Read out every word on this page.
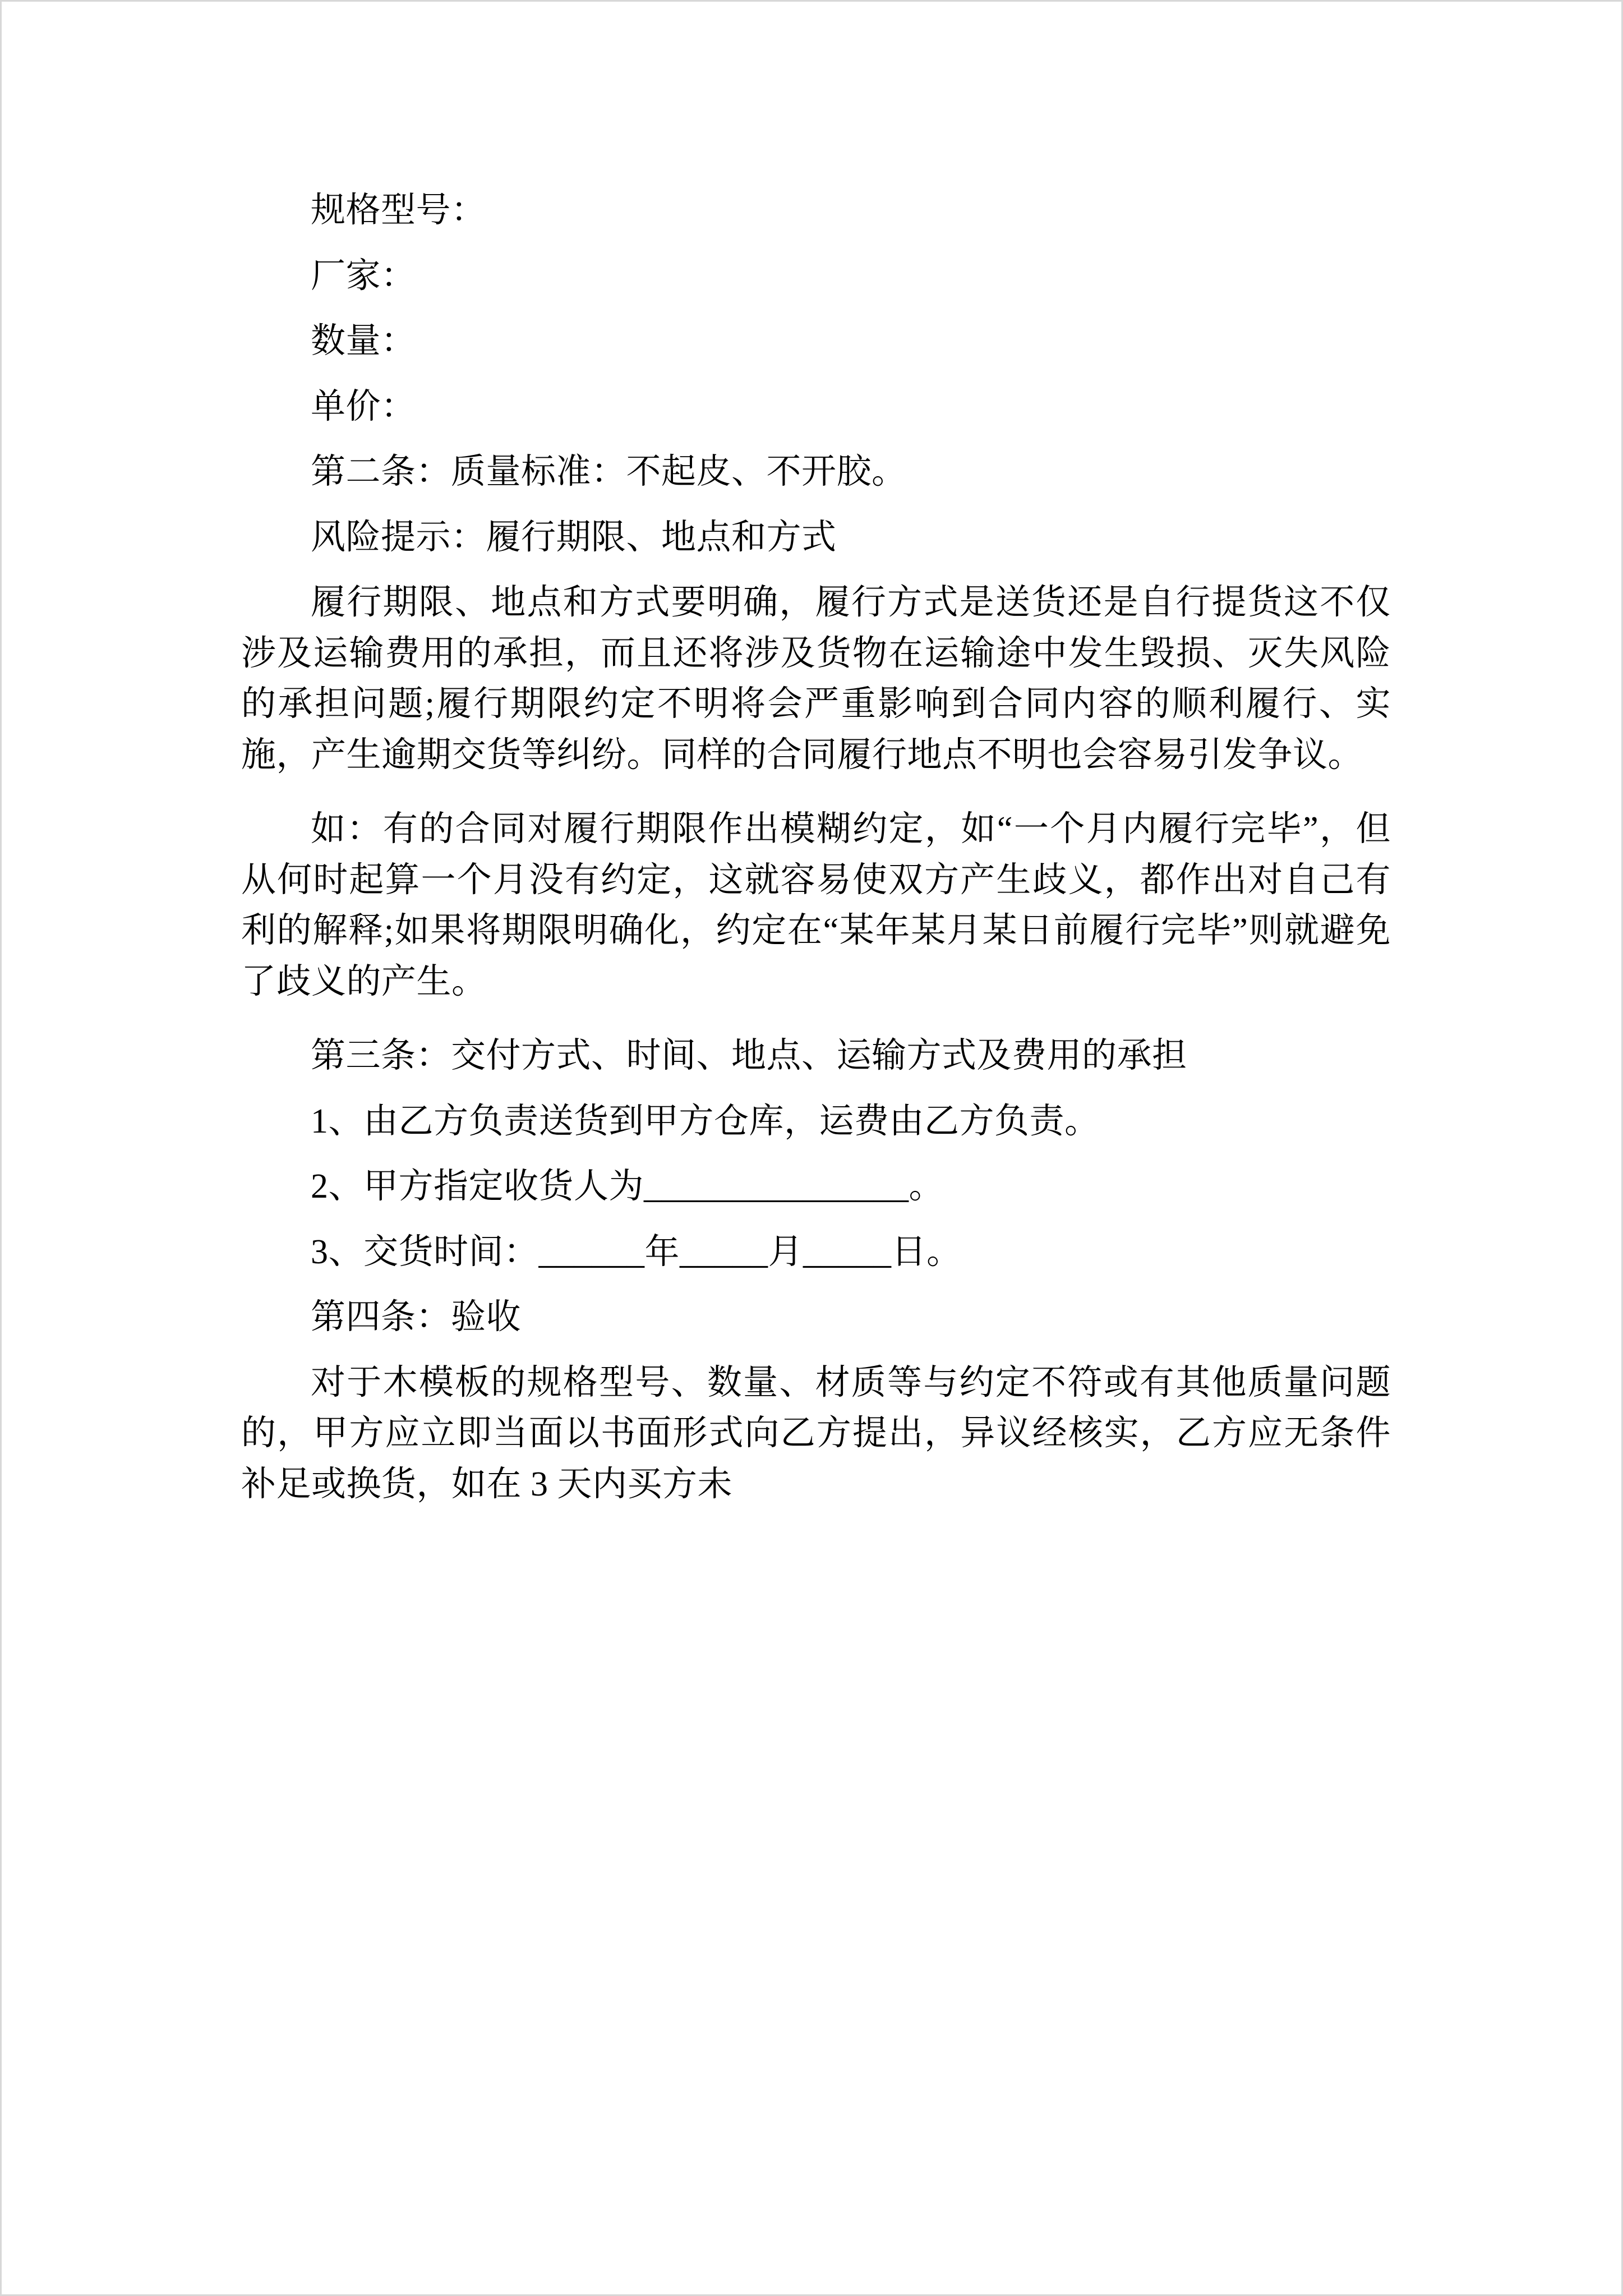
规格型号：

厂家：

数量：

单价：

第二条：质量标准：不起皮、不开胶。

风险提示：履行期限、地点和方式

履行期限、地点和方式要明确，履行方式是送货还是自行提货这不仅涉及运输费用的承担，而且还将涉及货物在运输途中发生毁损、灭失风险的承担问题;履行期限约定不明将会严重影响到合同内容的顺利履行、实施，产生逾期交货等纠纷。同样的合同履行地点不明也会容易引发争议。

如：有的合同对履行期限作出模糊约定，如“一个月内履行完毕”，但从何时起算一个月没有约定，这就容易使双方产生歧义，都作出对自己有利的解释;如果将期限明确化，约定在“某年某月某日前履行完毕”则就避免了歧义的产生。

第三条：交付方式、时间、地点、运输方式及费用的承担

1、由乙方负责送货到甲方仓库，运费由乙方负责。

2、甲方指定收货人为_______________。

3、交货时间：______年_____月_____日。

第四条：验收

对于木模板的规格型号、数量、材质等与约定不符或有其他质量问题的，甲方应立即当面以书面形式向乙方提出，异议经核实，乙方应无条件补足或换货，如在 3 天内买方未
